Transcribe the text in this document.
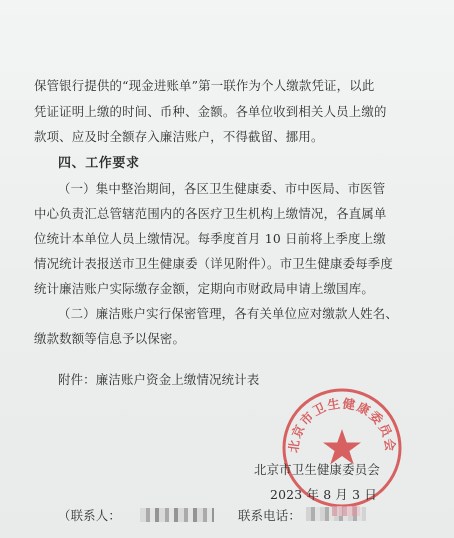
保管银行提供的“现金进账单”第一联作为个人缴款凭证，以此
凭证证明上缴的时间、币种、金额。各单位收到相关人员上缴的
款项、应及时全额存入廉洁账户，不得截留、挪用。
四、工作要求
（一）集中整治期间，各区卫生健康委、市中医局、市医管
中心负责汇总管辖范围内的各医疗卫生机构上缴情况，各直属单
位统计本单位人员上缴情况。每季度首月 10 日前将上季度上缴
情况统计表报送市卫生健康委（详见附件）。市卫生健康委每季度
统计廉洁账户实际缴存金额，定期向市财政局申请上缴国库。
（二）廉洁账户实行保密管理，各有关单位应对缴款人姓名、
缴款数额等信息予以保密。
附件：廉洁账户资金上缴情况统计表
北京市卫生健康委员会
北京市卫生健康委员会
2023 年 8 月 3 日
（联系人：	联系电话：
